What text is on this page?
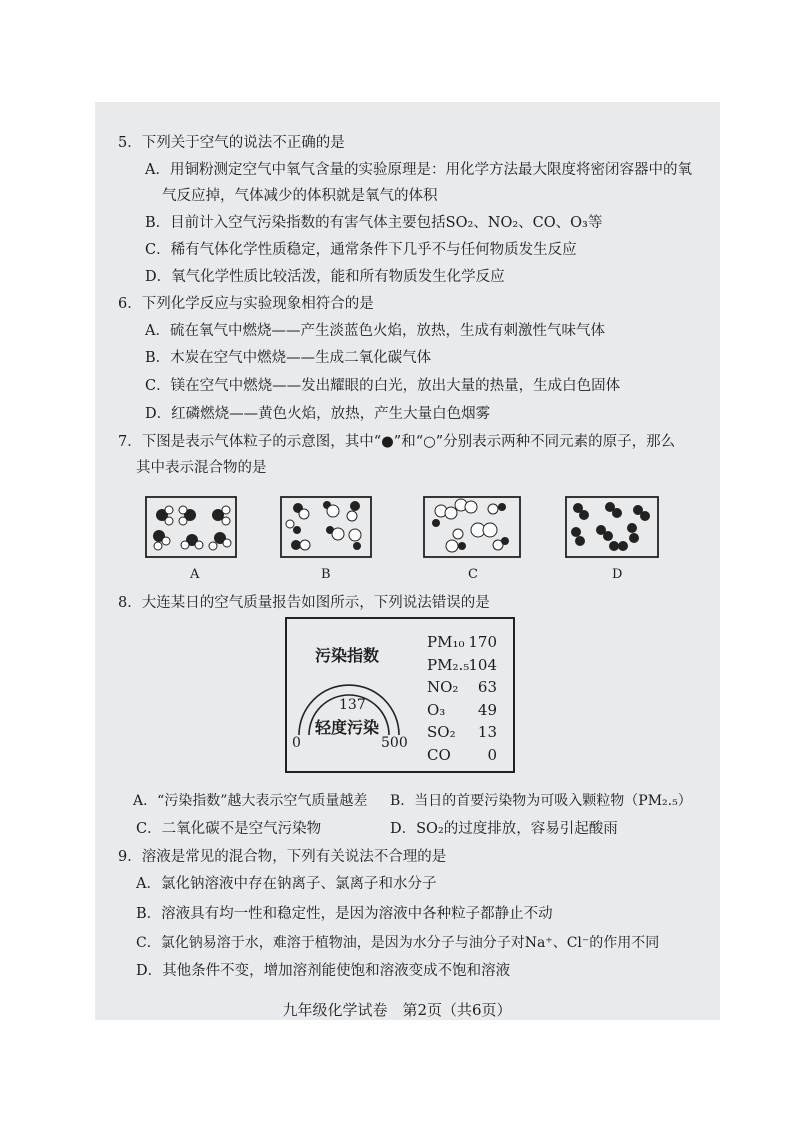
5．下列关于空气的说法不正确的是
A．用铜粉测定空气中氧气含量的实验原理是：用化学方法最大限度将密闭容器中的氧
气反应掉，气体减少的体积就是氧气的体积
B．目前计入空气污染指数的有害气体主要包括SO₂、NO₂、CO、O₃等
C．稀有气体化学性质稳定，通常条件下几乎不与任何物质发生反应
D．氧气化学性质比较活泼，能和所有物质发生化学反应
6．下列化学反应与实验现象相符合的是
A．硫在氧气中燃烧——产生淡蓝色火焰，放热，生成有刺激性气味气体
B．木炭在空气中燃烧——生成二氧化碳气体
C．镁在空气中燃烧——发出耀眼的白光，放出大量的热量，生成白色固体
D．红磷燃烧——黄色火焰，放热，产生大量白色烟雾
7．下图是表示气体粒子的示意图，其中“●”和“○”分别表示两种不同元素的原子，那么
其中表示混合物的是
A	B	C	D
8．大连某日的空气质量报告如图所示，下列说法错误的是
污染指数
137
轻度污染
0	500
PM₁₀ 170
PM₂.₅ 104
NO₂	63
O₃	49
SO₂	13
CO	0
A．“污染指数”越大表示空气质量越差 B．当日的首要污染物为可吸入颗粒物（PM₂.₅）
C．二氧化碳不是空气污染物	D．SO₂的过度排放，容易引起酸雨
9．溶液是常见的混合物，下列有关说法不合理的是
A．氯化钠溶液中存在钠离子、氯离子和水分子
B．溶液具有均一性和稳定性，是因为溶液中各种粒子都静止不动
C．氯化钠易溶于水，难溶于植物油，是因为水分子与油分子对Na⁺、Cl⁻的作用不同
D．其他条件不变，增加溶剂能使饱和溶液变成不饱和溶液
九年级化学试卷　第2页（共6页）
